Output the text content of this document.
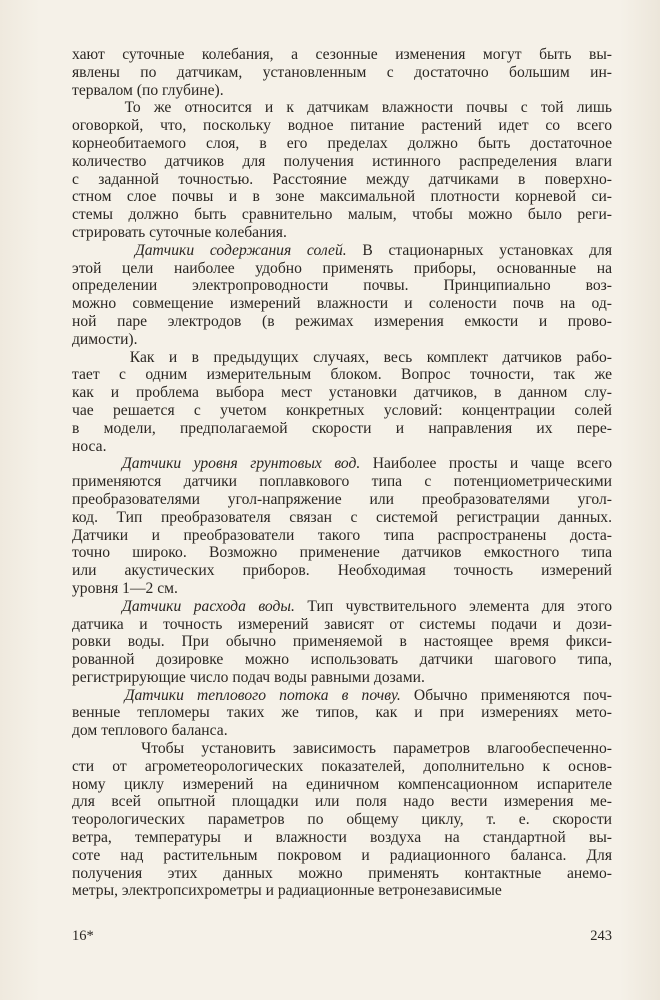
хают суточные колебания, а сезонные изменения могут быть вы-
явлены по датчикам, установленным с достаточно большим ин-
тервалом (по глубине).
То же относится и к датчикам влажности почвы с той лишь
оговоркой, что, поскольку водное питание растений идет со всего
корнеобитаемого слоя, в его пределах должно быть достаточное
количество датчиков для получения истинного распределения влаги
с заданной точностью. Расстояние между датчиками в поверхно-
стном слое почвы и в зоне максимальной плотности корневой си-
стемы должно быть сравнительно малым, чтобы можно было реги-
стрировать суточные колебания.
Датчики содержания солей. В стационарных установках для
этой цели наиболее удобно применять приборы, основанные на
определении электропроводности почвы. Принципиально воз-
можно совмещение измерений влажности и солености почв на од-
ной паре электродов (в режимах измерения емкости и прово-
димости).
Как и в предыдущих случаях, весь комплект датчиков рабо-
тает с одним измерительным блоком. Вопрос точности, так же
как и проблема выбора мест установки датчиков, в данном слу-
чае решается с учетом конкретных условий: концентрации солей
в модели, предполагаемой скорости и направления их пере-
носа.
Датчики уровня грунтовых вод. Наиболее просты и чаще всего
применяются датчики поплавкового типа с потенциометрическими
преобразователями угол-напряжение или преобразователями угол-
код. Тип преобразователя связан с системой регистрации данных.
Датчики и преобразователи такого типа распространены доста-
точно широко. Возможно применение датчиков емкостного типа
или акустических приборов. Необходимая точность измерений
уровня 1—2 см.
Датчики расхода воды. Тип чувствительного элемента для этого
датчика и точность измерений зависят от системы подачи и дози-
ровки воды. При обычно применяемой в настоящее время фикси-
рованной дозировке можно использовать датчики шагового типа,
регистрирующие число подач воды равными дозами.
Датчики теплового потока в почву. Обычно применяются поч-
венные тепломеры таких же типов, как и при измерениях мето-
дом теплового баланса.
Чтобы установить зависимость параметров влагообеспеченно-
сти от агрометеорологических показателей, дополнительно к основ-
ному циклу измерений на единичном компенсационном испарителе
для всей опытной площадки или поля надо вести измерения ме-
теорологических параметров по общему циклу, т. е. скорости
ветра, температуры и влажности воздуха на стандартной вы-
соте над растительным покровом и радиационного баланса. Для
получения этих данных можно применять контактные анемо-
метры, электропсихрометры и радиационные ветронезависимые
16*	243
